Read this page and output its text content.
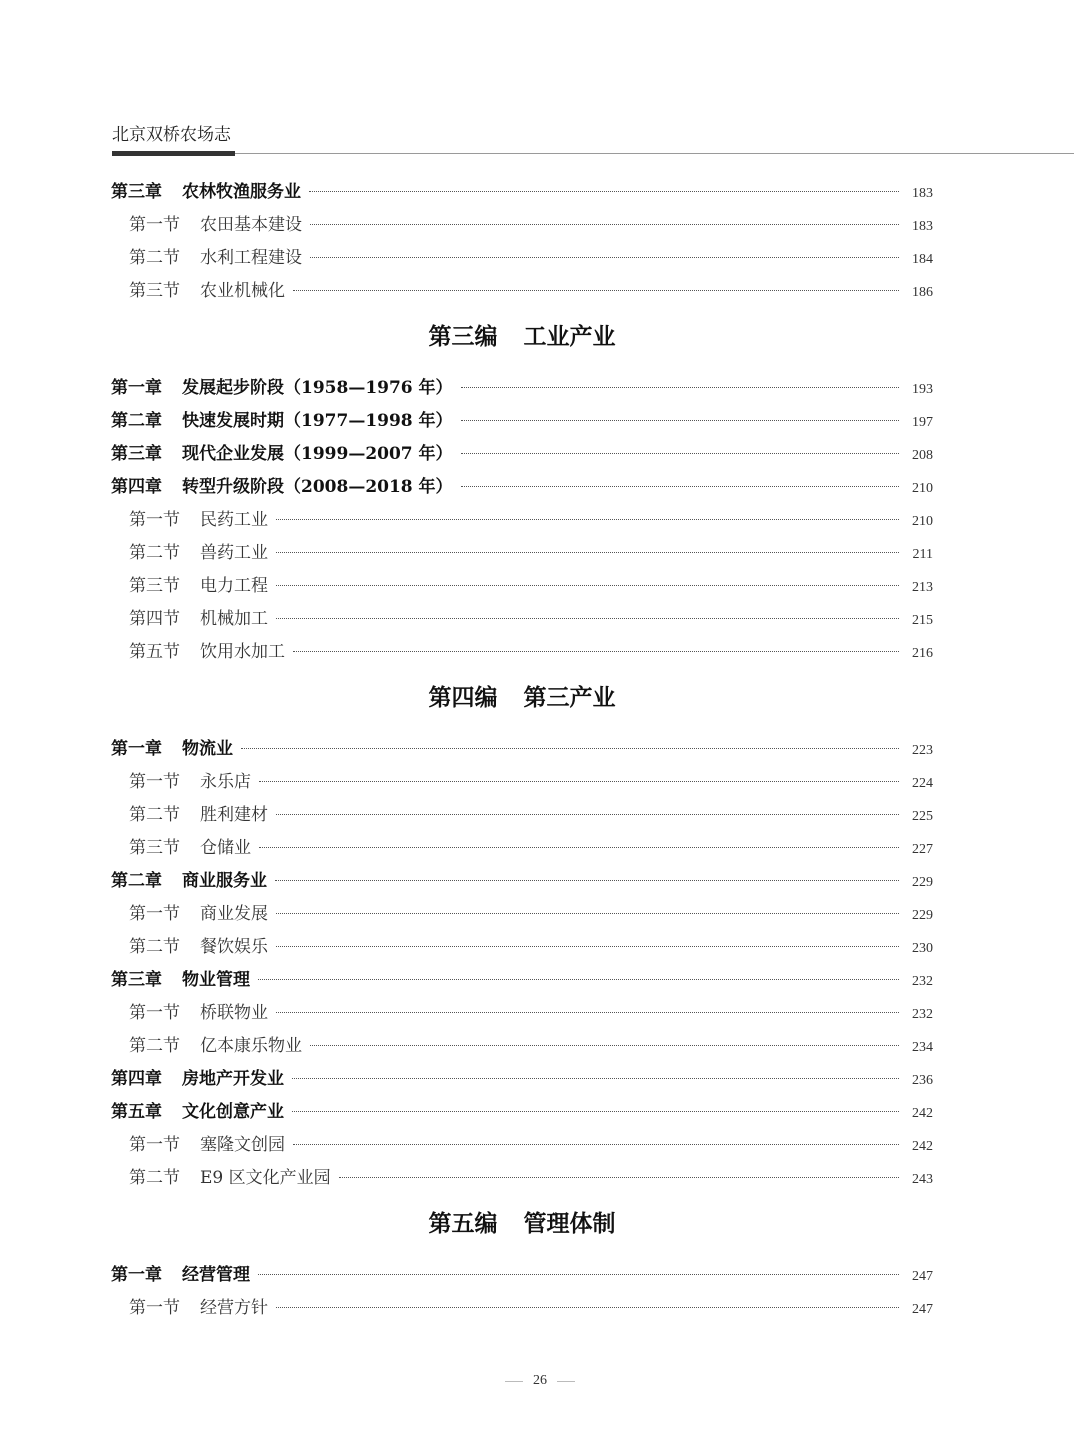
北京双桥农场志
第三章 农林牧渔服务业	183
第一节 农田基本建设	183
第二节 水利工程建设	184
第三节 农业机械化	186
第三编 工业产业
第一章 发展起步阶段（1958—1976 年）	193
第二章 快速发展时期（1977—1998 年）	197
第三章 现代企业发展（1999—2007 年）	208
第四章 转型升级阶段（2008—2018 年）	210
第一节 民药工业	210
第二节 兽药工业	211
第三节 电力工程	213
第四节 机械加工	215
第五节 饮用水加工	216
第四编 第三产业
第一章 物流业	223
第一节 永乐店	224
第二节 胜利建材	225
第三节 仓储业	227
第二章 商业服务业	229
第一节 商业发展	229
第二节 餐饮娱乐	230
第三章 物业管理	232
第一节 桥联物业	232
第二节 亿本康乐物业	234
第四章 房地产开发业	236
第五章 文化创意产业	242
第一节 塞隆文创园	242
第二节 E9 区文化产业园	243
第五编 管理体制
第一章 经营管理	247
第一节 经营方针	247
26
